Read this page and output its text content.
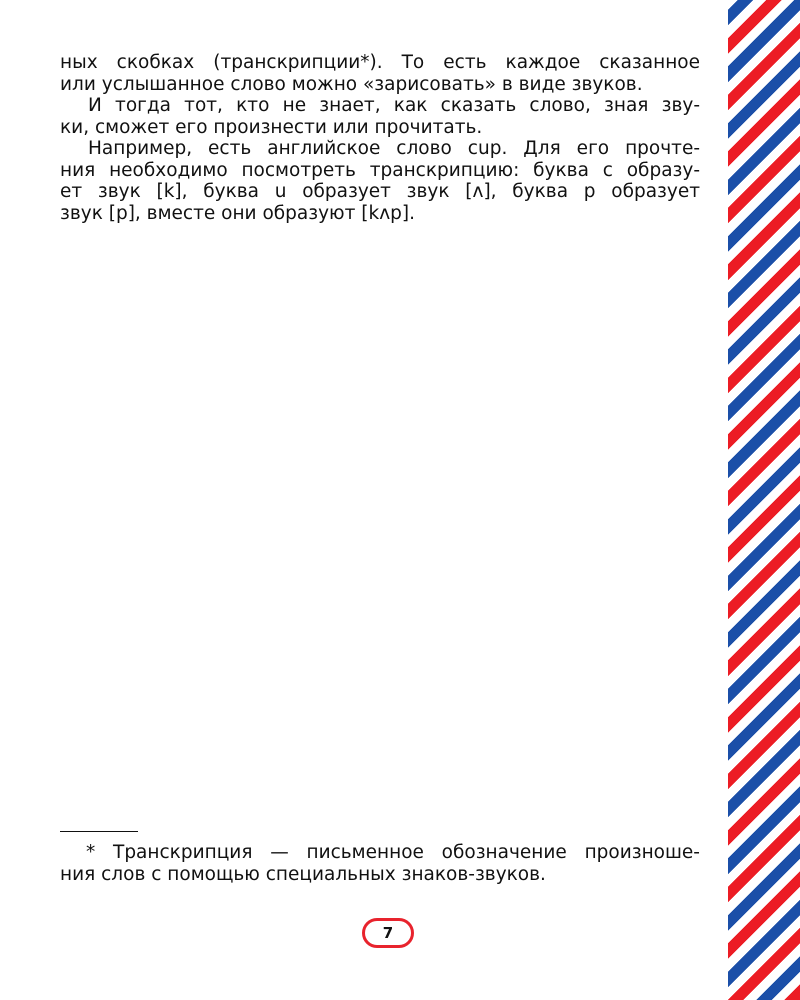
ных скобках (транскрипции*). То есть каждое сказанное
или услышанное слово можно «зарисовать» в виде звуков.
И тогда тот, кто не знает, как сказать слово, зная зву-
ки, сможет его произнести или прочитать.
Например, есть английское слово cup. Для его прочте-
ния необходимо посмотреть транскрипцию: буква c образу-
ет звук [k], буква u образует звук [ʌ], буква p образует
звук [p], вместе они образуют [kʌp].
* Транскрипция — письменное обозначение произноше-
ния слов с помощью специальных знаков-звуков.
7
